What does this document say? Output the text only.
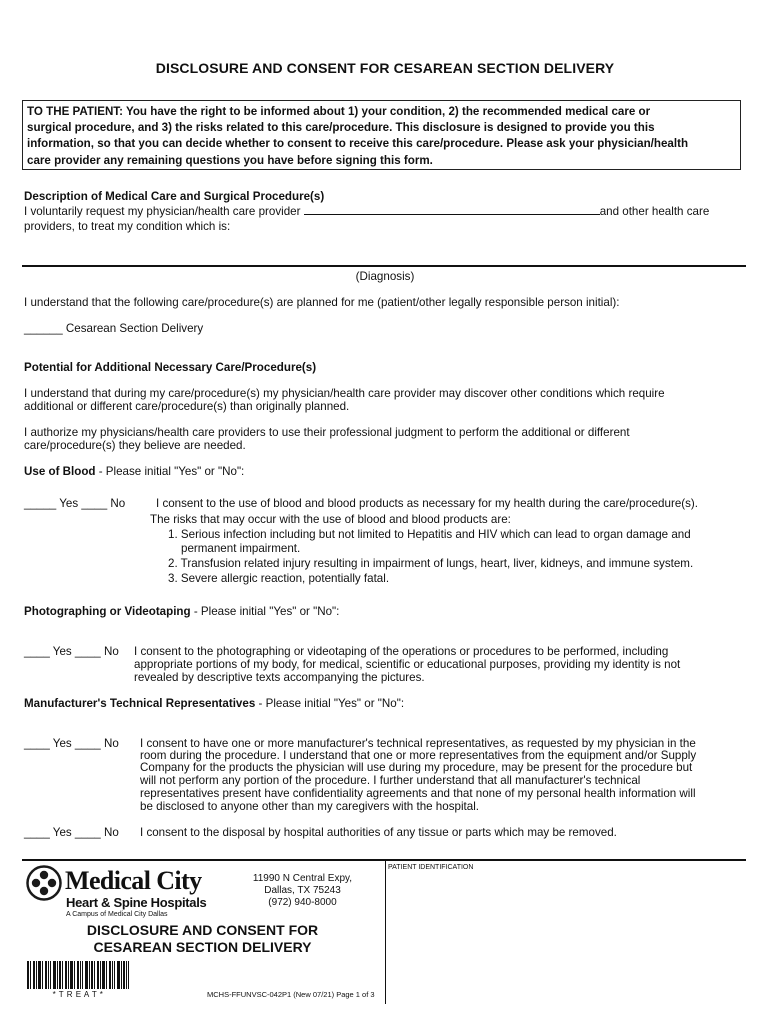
DISCLOSURE AND CONSENT FOR CESAREAN SECTION DELIVERY
TO THE PATIENT: You have the right to be informed about 1) your condition, 2) the recommended medical care or
surgical procedure, and 3) the risks related to this care/procedure. This disclosure is designed to provide you this
information, so that you can decide whether to consent to receive this care/procedure. Please ask your physician/health
care provider any remaining questions you have before signing this form.
Description of Medical Care and Surgical Procedure(s)
I voluntarily request my physician/health care provider	and other health care
providers, to treat my condition which is:
(Diagnosis)
I understand that the following care/procedure(s) are planned for me (patient/other legally responsible person initial):
______ Cesarean Section Delivery
Potential for Additional Necessary Care/Procedure(s)
I understand that during my care/procedure(s) my physician/health care provider may discover other conditions which require
additional or different care/procedure(s) than originally planned.
I authorize my physicians/health care providers to use their professional judgment to perform the additional or different
care/procedure(s) they believe are needed.
Use of Blood - Please initial "Yes" or "No":
_____ Yes ____ No	I consent to the use of blood and blood products as necessary for my health during the care/procedure(s).
The risks that may occur with the use of blood and blood products are:
1. Serious infection including but not limited to Hepatitis and HIV which can lead to organ damage and
permanent impairment.
2. Transfusion related injury resulting in impairment of lungs, heart, liver, kidneys, and immune system.
3. Severe allergic reaction, potentially fatal.
Photographing or Videotaping - Please initial "Yes" or "No":
____ Yes ____ No I consent to the photographing or videotaping of the operations or procedures to be performed, including
appropriate portions of my body, for medical, scientific or educational purposes, providing my identity is not
revealed by descriptive texts accompanying the pictures.
Manufacturer's Technical Representatives - Please initial "Yes" or "No":
____ Yes ____ No I consent to have one or more manufacturer's technical representatives, as requested by my physician in the
room during the procedure. I understand that one or more representatives from the equipment and/or Supply
Company for the products the physician will use during my procedure, may be present for the procedure but
will not perform any portion of the procedure. I further understand that all manufacturer's technical
representatives present have confidentiality agreements and that none of my personal health information will
be disclosed to anyone other than my caregivers with the hospital.
____ Yes ____ No I consent to the disposal by hospital authorities of any tissue or parts which may be removed.
Medical City
Heart & Spine Hospitals
A Campus of Medical City Dallas
11990 N Central Expy,
Dallas, TX 75243
(972) 940-8000
DISCLOSURE AND CONSENT FOR
CESAREAN SECTION DELIVERY
* T R E A T *	MCHS-FFUNVSC-042P1 (New 07/21) Page 1 of 3
PATIENT IDENTIFICATION
